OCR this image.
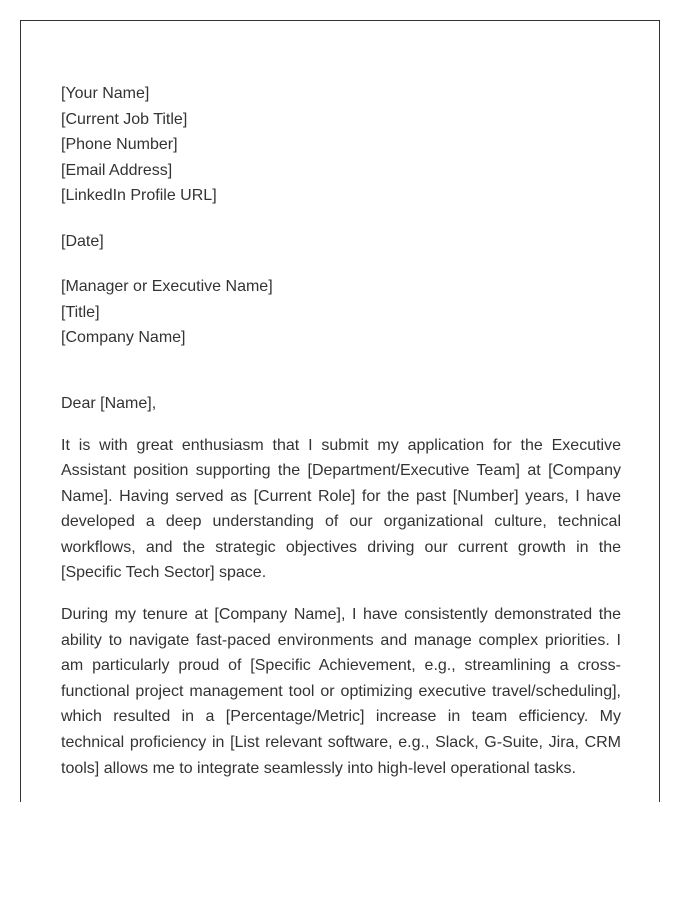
[Your Name]
[Current Job Title]
[Phone Number]
[Email Address]
[LinkedIn Profile URL]
[Date]
[Manager or Executive Name]
[Title]
[Company Name]
Dear [Name],

It is with great enthusiasm that I submit my application for the Executive Assistant position supporting the [Department/Executive Team] at [Company Name]. Having served as [Current Role] for the past [Number] years, I have developed a deep understanding of our organizational culture, technical workflows, and the strategic objectives driving our current growth in the [Specific Tech Sector] space.

During my tenure at [Company Name], I have consistently demonstrated the ability to navigate fast-paced environments and manage complex priorities. I am particularly proud of [Specific Achievement, e.g., streamlining a cross-functional project management tool or optimizing executive travel/scheduling], which resulted in a [Percentage/Metric] increase in team efficiency. My technical proficiency in [List relevant software, e.g., Slack, G-Suite, Jira, CRM tools] allows me to integrate seamlessly into high-level operational tasks.
